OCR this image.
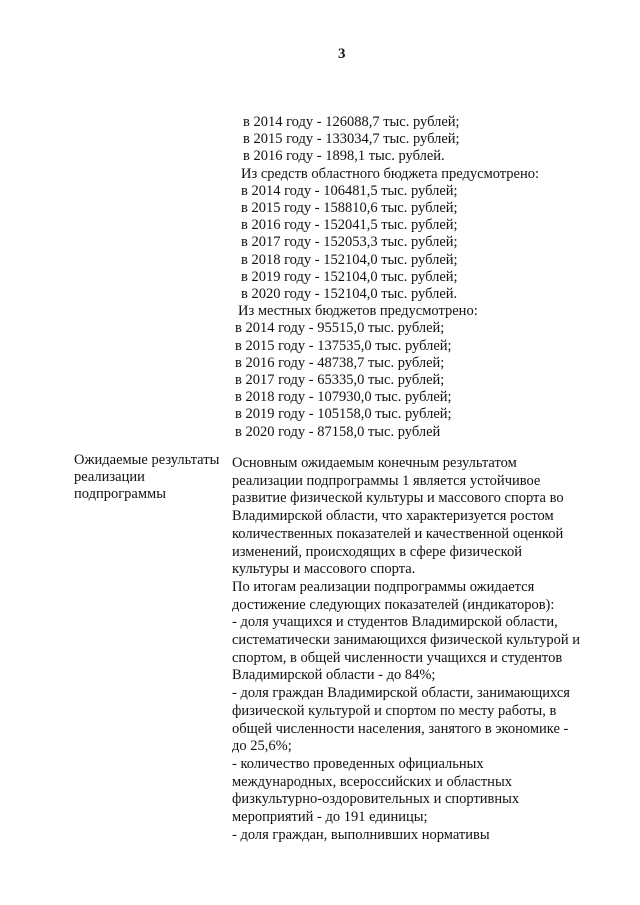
3
в 2014 году - 126088,7 тыс. рублей;
в 2015 году - 133034,7 тыс. рублей;
в 2016 году - 1898,1 тыс. рублей.
Из средств областного бюджета предусмотрено:
в 2014 году - 106481,5 тыс. рублей;
в 2015 году - 158810,6 тыс. рублей;
в 2016 году - 152041,5 тыс. рублей;
в 2017 году - 152053,3 тыс. рублей;
в 2018 году - 152104,0 тыс. рублей;
в 2019 году - 152104,0 тыс. рублей;
в 2020 году - 152104,0 тыс. рублей.
Из местных бюджетов предусмотрено:
в 2014 году - 95515,0 тыс. рублей;
в 2015 году - 137535,0 тыс. рублей;
в 2016 году - 48738,7 тыс. рублей;
в 2017 году - 65335,0 тыс. рублей;
в 2018 году - 107930,0 тыс. рублей;
в 2019 году - 105158,0 тыс. рублей;
в 2020 году - 87158,0 тыс. рублей
Ожидаемые результаты
реализации
подпрограммы
Основным ожидаемым конечным результатом
реализации подпрограммы 1 является устойчивое
развитие физической культуры и массового спорта во
Владимирской области, что характеризуется ростом
количественных показателей и качественной оценкой
изменений, происходящих в сфере физической
культуры и массового спорта.
По итогам реализации подпрограммы ожидается
достижение следующих показателей (индикаторов):
- доля учащихся и студентов Владимирской области,
систематически занимающихся физической культурой и
спортом, в общей численности учащихся и студентов
Владимирской области - до 84%;
- доля граждан Владимирской области, занимающихся
физической культурой и спортом по месту работы, в
общей численности населения, занятого в экономике -
до 25,6%;
- количество проведенных официальных
международных, всероссийских и областных
физкультурно-оздоровительных и спортивных
мероприятий - до 191 единицы;
- доля граждан, выполнивших нормативы
